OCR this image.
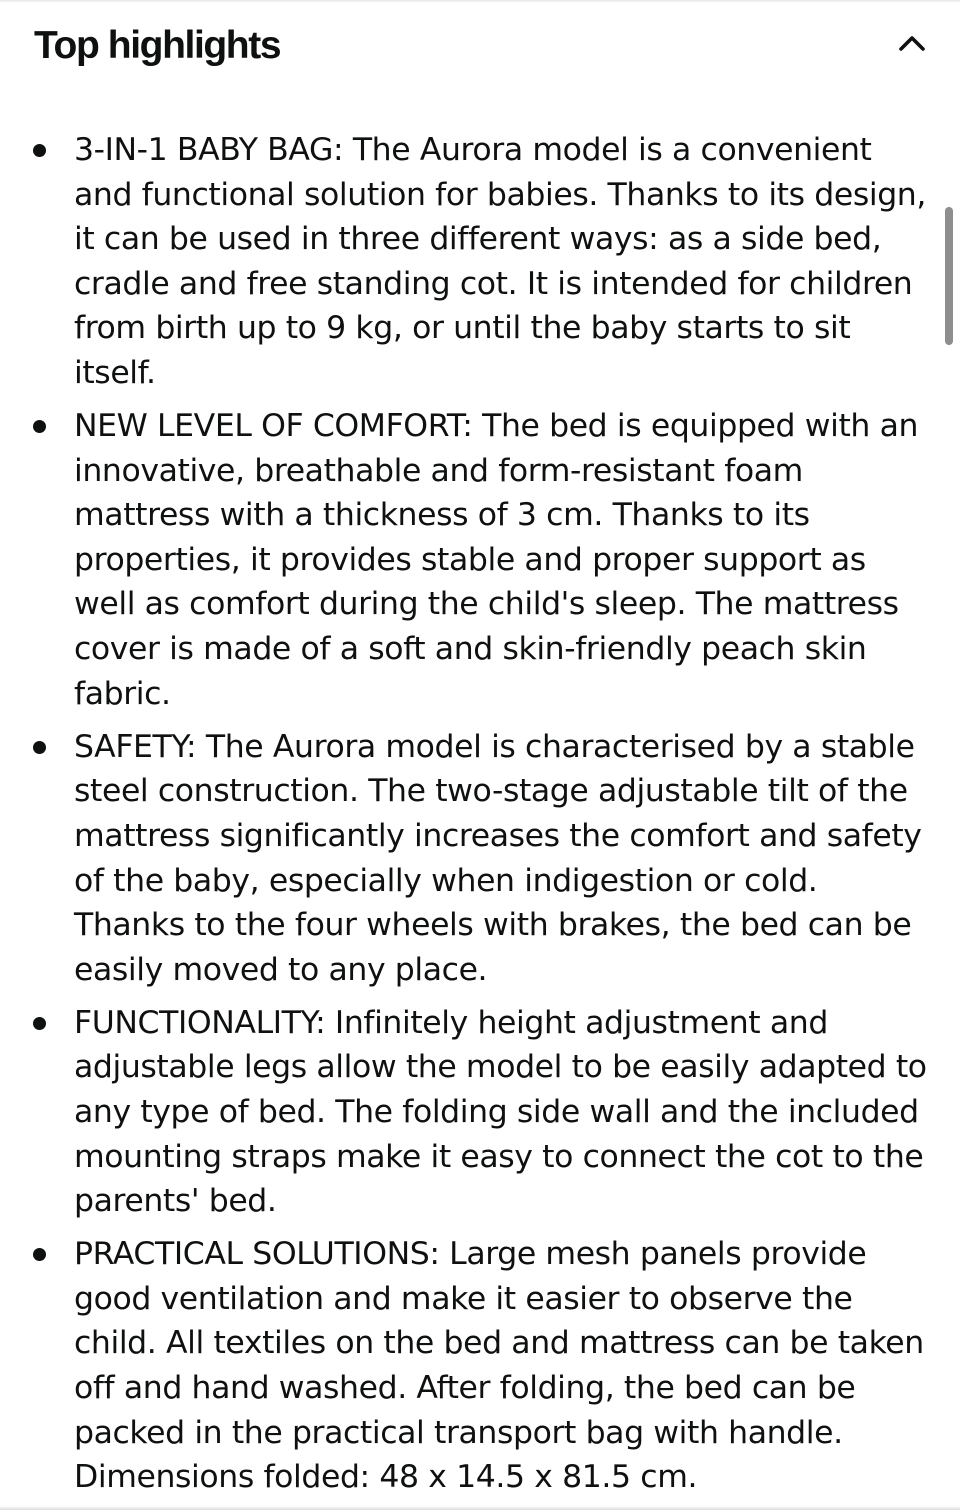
Top highlights
3-IN-1 BABY BAG: The Aurora model is a convenient and functional solution for babies. Thanks to its design, it can be used in three different ways: as a side bed, cradle and free standing cot. It is intended for children from birth up to 9 kg, or until the baby starts to sit itself.
NEW LEVEL OF COMFORT: The bed is equipped with an innovative, breathable and form-resistant foam mattress with a thickness of 3 cm. Thanks to its properties, it provides stable and proper support as well as comfort during the child's sleep. The mattress cover is made of a soft and skin-friendly peach skin fabric.
SAFETY: The Aurora model is characterised by a stable steel construction. The two-stage adjustable tilt of the mattress significantly increases the comfort and safety of the baby, especially when indigestion or cold. Thanks to the four wheels with brakes, the bed can be easily moved to any place.
FUNCTIONALITY: Infinitely height adjustment and adjustable legs allow the model to be easily adapted to any type of bed. The folding side wall and the included mounting straps make it easy to connect the cot to the parents' bed.
PRACTICAL SOLUTIONS: Large mesh panels provide good ventilation and make it easier to observe the child. All textiles on the bed and mattress can be taken off and hand washed. After folding, the bed can be packed in the practical transport bag with handle. Dimensions folded: 48 x 14.5 x 81.5 cm.
